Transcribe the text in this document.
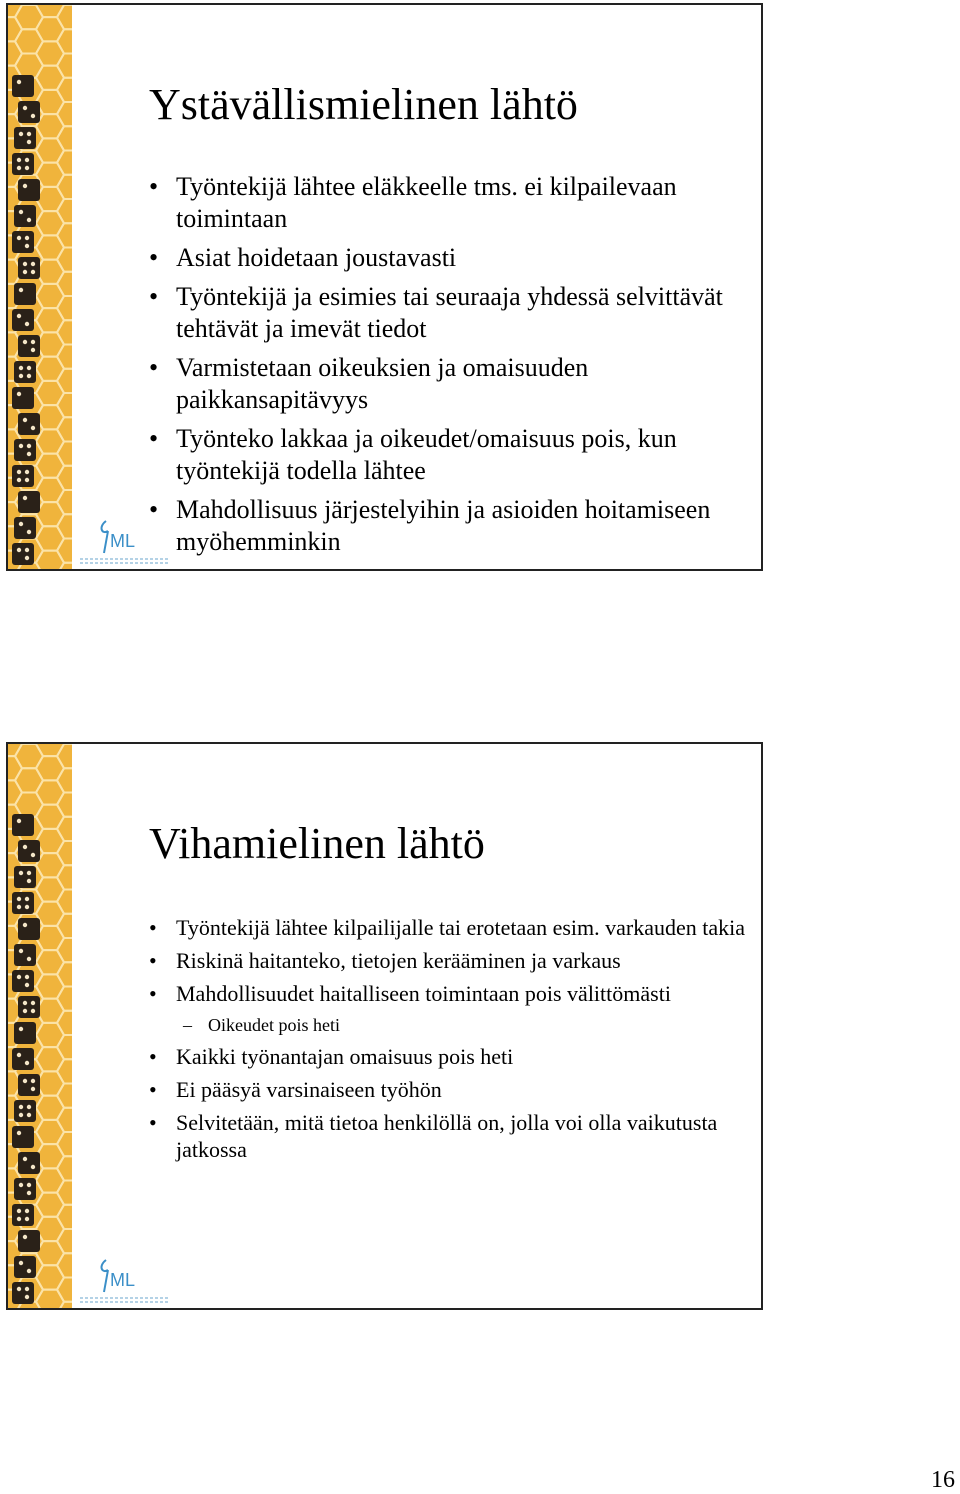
Ystävällismielinen lähtö
• Työntekijä lähtee eläkkeelle tms. ei kilpailevaan toimintaan
• Asiat hoidetaan joustavasti
• Työntekijä ja esimies tai seuraaja yhdessä selvittävät tehtävät ja imevät tiedot
• Varmistetaan oikeuksien ja omaisuuden paikkansapitävyys
• Työnteko lakkaa ja oikeudet/omaisuus pois, kun työntekijä todella lähtee
• Mahdollisuus järjestelyihin ja asioiden hoitamiseen myöhemminkin
ML
Vihamielinen lähtö
• Työntekijä lähtee kilpailijalle tai erotetaan esim. varkauden takia
• Riskinä haitanteko, tietojen kerääminen ja varkaus
• Mahdollisuudet haitalliseen toimintaan pois välittömästi
– Oikeudet pois heti
• Kaikki työnantajan omaisuus pois heti
• Ei pääsyä varsinaiseen työhön
• Selvitetään, mitä tietoa henkilöllä on, jolla voi olla vaikutusta jatkossa
ML
16
